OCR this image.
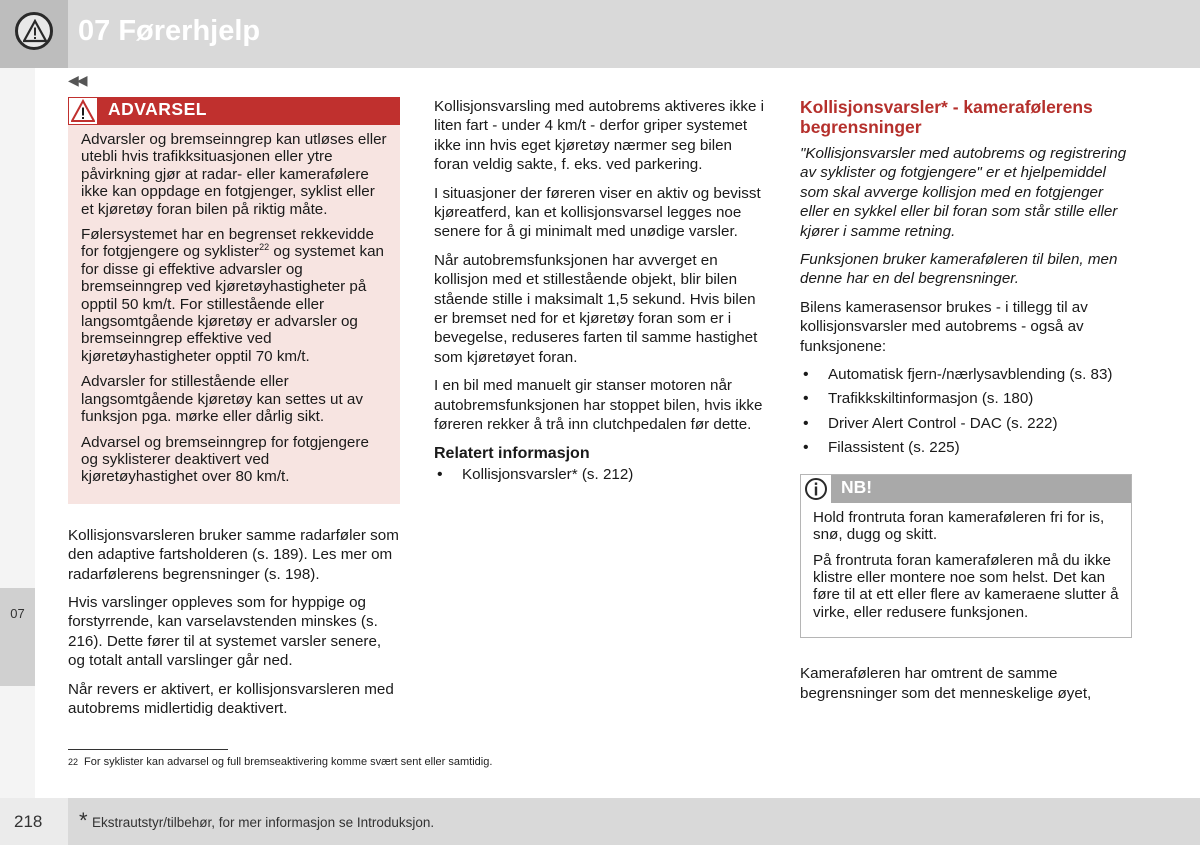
07 Førerhjelp
◀◀
07
ADVARSEL

Advarsler og bremseinngrep kan utløses eller utebli hvis trafikksituasjonen eller ytre påvirkning gjør at radar- eller kamerafølere ikke kan oppdage en fotgjenger, syklist eller et kjøretøy foran bilen på riktig måte.

Følersystemet har en begrenset rekkevidde for fotgjengere og syklister$^{22}$ og systemet kan for disse gi effektive advarsler og bremseinngrep ved kjøretøyhastigheter på opptil 50 km/t. For stillestående eller langsomtgående kjøretøy er advarsler og bremseinngrep effektive ved kjøretøyhastigheter opptil 70 km/t.

Advarsler for stillestående eller langsomtgående kjøretøy kan settes ut av funksjon pga. mørke eller dårlig sikt.

Advarsel og bremseinngrep for fotgjengere og syklisterer deaktivert ved kjøretøyhastighet over 80 km/t.

Kollisjonsvarsleren bruker samme radarføler som den adaptive fartsholderen (s. 189). Les mer om radarfølerens begrensninger (s. 198).

Hvis varslinger oppleves som for hyppige og forstyrrende, kan varselavstenden minskes (s. 216). Dette fører til at systemet varsler senere, og totalt antall varslinger går ned.

Når revers er aktivert, er kollisjonsvarsleren med autobrems midlertidig deaktivert.

Kollisjonsvarsling med autobrems aktiveres ikke i liten fart - under 4 km/t - derfor griper systemet ikke inn hvis eget kjøretøy nærmer seg bilen foran veldig sakte, f. eks. ved parkering.

I situasjoner der føreren viser en aktiv og bevisst kjøreatferd, kan et kollisjonsvarsel legges noe senere for å gi minimalt med unødige varsler.

Når autobremsfunksjonen har avverget en kollisjon med et stillestående objekt, blir bilen stående stille i maksimalt 1,5 sekund. Hvis bilen er bremset ned for et kjøretøy foran som er i bevegelse, reduseres farten til samme hastighet som kjøretøyet foran.

I en bil med manuelt gir stanser motoren når autobremsfunksjonen har stoppet bilen, hvis ikke føreren rekker å trå inn clutchpedalen før dette.

Relatert informasjon
• Kollisjonsvarsler* (s. 212)
Kollisjonsvarsler* - kamerafølerens begrensninger

"Kollisjonsvarsler med autobrems og registrering av syklister og fotgjengere" er et hjelpemiddel som skal avverge kollisjon med en fotgjenger eller en sykkel eller bil foran som står stille eller kjører i samme retning.

Funksjonen bruker kameraføleren til bilen, men denne har en del begrensninger.

Bilens kamerasensor brukes - i tillegg til av kollisjonsvarsler med autobrems - også av funksjonene:

• Automatisk fjern-/nærlysavblending (s. 83)
• Trafikkskiltinformasjon (s. 180)
• Driver Alert Control - DAC (s. 222)
• Filassistent (s. 225)
NB!

Hold frontruta foran kameraføleren fri for is, snø, dugg og skitt.

På frontruta foran kameraføleren må du ikke klistre eller montere noe som helst. Det kan føre til at ett eller flere av kameraene slutter å virke, eller redusere funksjonen.

Kameraføleren har omtrent de samme begrensninger som det menneskelige øyet,

22 For syklister kan advarsel og full bremseaktivering komme svært sent eller samtidig.
218 * Ekstrautstyr/tilbehør, for mer informasjon se Introduksjon.
